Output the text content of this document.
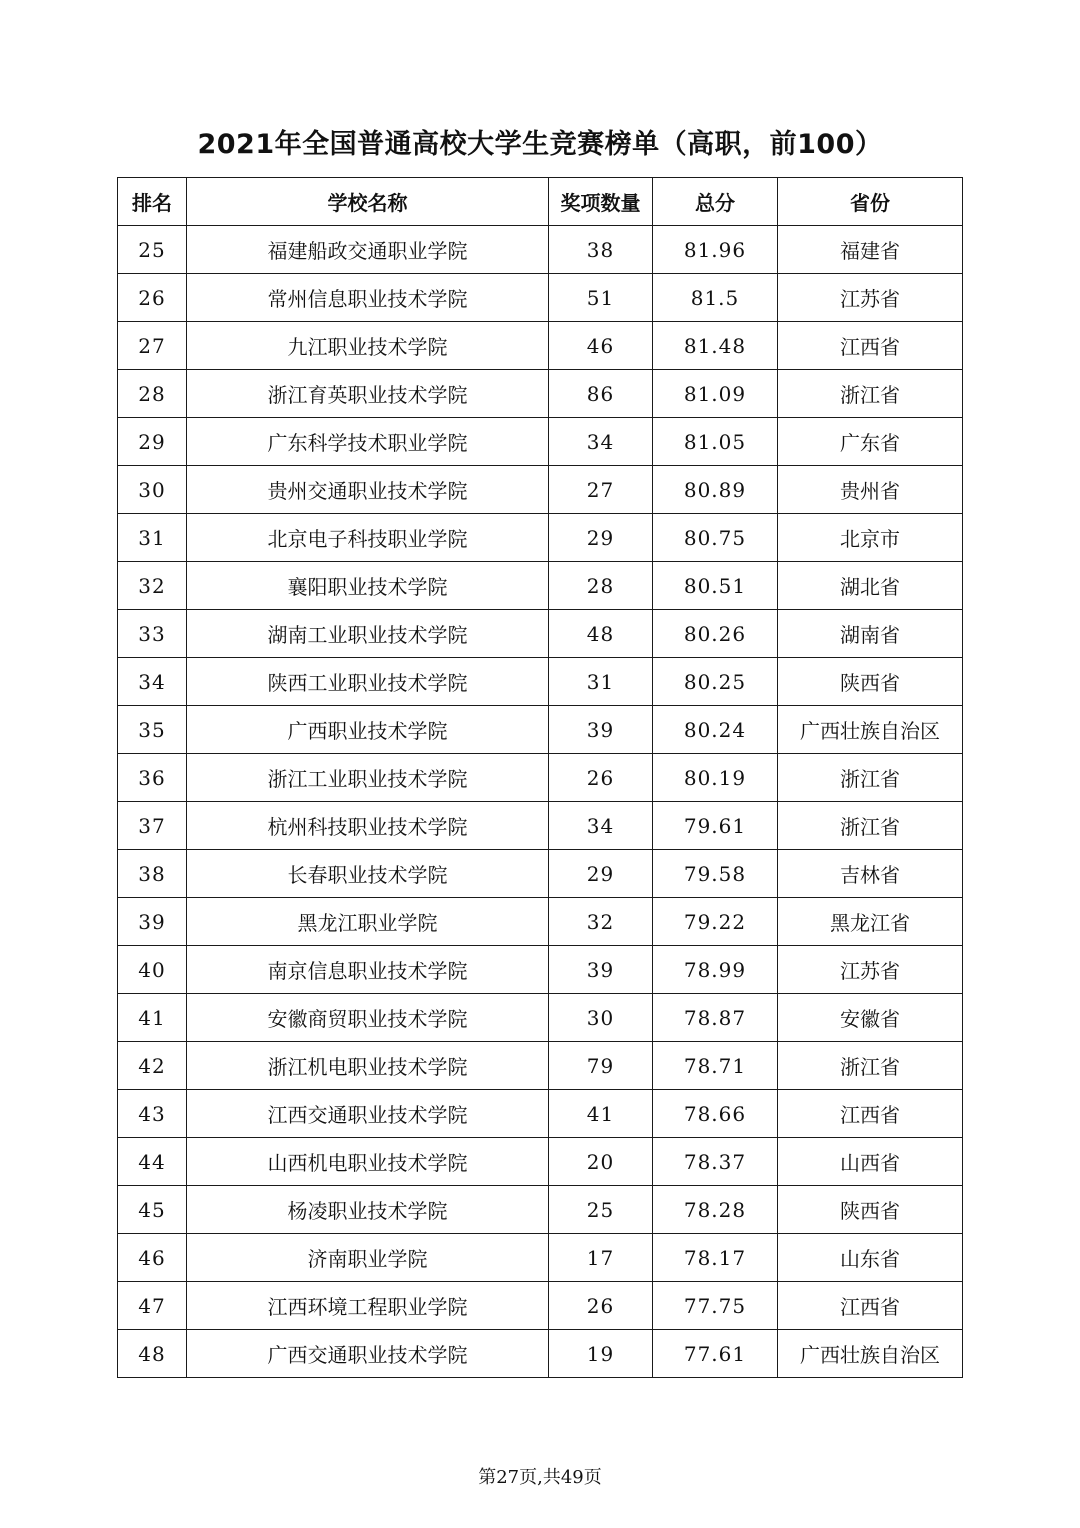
2021年全国普通高校大学生竞赛榜单（高职，前100）
排名	学校名称	奖项数量	总分	省份
25	福建船政交通职业学院	38	81.96	福建省
26	常州信息职业技术学院	51	81.5	江苏省
27	九江职业技术学院	46	81.48	江西省
28	浙江育英职业技术学院	86	81.09	浙江省
29	广东科学技术职业学院	34	81.05	广东省
30	贵州交通职业技术学院	27	80.89	贵州省
31	北京电子科技职业学院	29	80.75	北京市
32	襄阳职业技术学院	28	80.51	湖北省
33	湖南工业职业技术学院	48	80.26	湖南省
34	陕西工业职业技术学院	31	80.25	陕西省
35	广西职业技术学院	39	80.24	广西壮族自治区
36	浙江工业职业技术学院	26	80.19	浙江省
37	杭州科技职业技术学院	34	79.61	浙江省
38	长春职业技术学院	29	79.58	吉林省
39	黑龙江职业学院	32	79.22	黑龙江省
40	南京信息职业技术学院	39	78.99	江苏省
41	安徽商贸职业技术学院	30	78.87	安徽省
42	浙江机电职业技术学院	79	78.71	浙江省
43	江西交通职业技术学院	41	78.66	江西省
44	山西机电职业技术学院	20	78.37	山西省
45	杨凌职业技术学院	25	78.28	陕西省
46	济南职业学院	17	78.17	山东省
47	江西环境工程职业学院	26	77.75	江西省
48	广西交通职业技术学院	19	77.61	广西壮族自治区
第27页,共49页
